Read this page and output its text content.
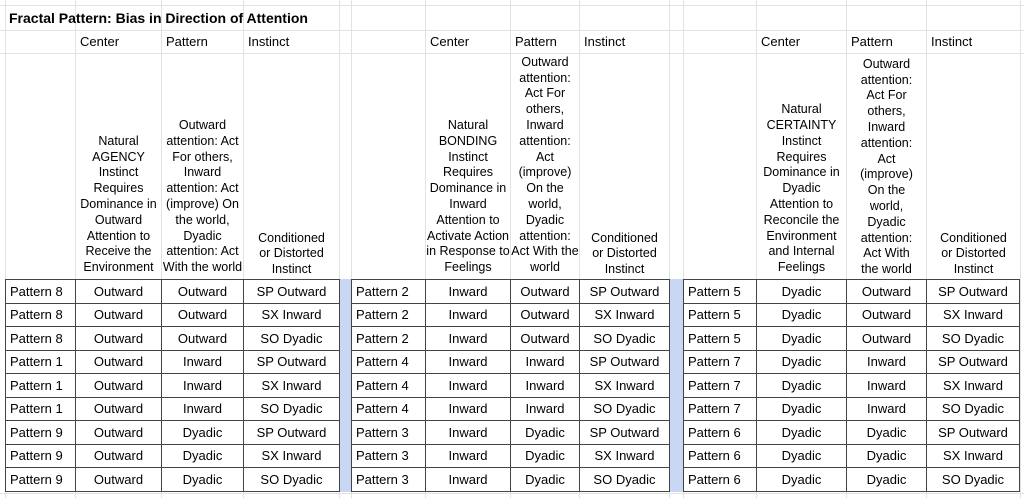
Fractal Pattern: Bias in Direction of Attention
Center	Pattern	Instinct
Natural AGENCY Instinct Requires Dominance in Outward Attention to Receive the Environment
Outward attention: Act For others, Inward attention: Act (improve) On the world, Dyadic attention: Act With the world
Conditioned or Distorted Instinct
Center	Pattern	Instinct
Natural BONDING Instinct Requires Dominance in Inward Attention to Activate Action in Response to Feelings
Outward attention: Act For others, Inward attention: Act (improve) On the world, Dyadic attention: Act With the world
Conditioned or Distorted Instinct
Center	Pattern	Instinct
Natural CERTAINTY Instinct Requires Dominance in Dyadic Attention to Reconcile the Environment and Internal Feelings
Outward attention: Act For others, Inward attention: Act (improve) On the world, Dyadic attention: Act With the world
Conditioned or Distorted Instinct
Pattern 8	Outward	Outward	SP Outward
Pattern 8	Outward	Outward	SX Inward
Pattern 8	Outward	Outward	SO Dyadic
Pattern 1	Outward	Inward	SP Outward
Pattern 1	Outward	Inward	SX Inward
Pattern 1	Outward	Inward	SO Dyadic
Pattern 9	Outward	Dyadic	SP Outward
Pattern 9	Outward	Dyadic	SX Inward
Pattern 9	Outward	Dyadic	SO Dyadic
Pattern 2	Inward	Outward	SP Outward
Pattern 2	Inward	Outward	SX Inward
Pattern 2	Inward	Outward	SO Dyadic
Pattern 4	Inward	Inward	SP Outward
Pattern 4	Inward	Inward	SX Inward
Pattern 4	Inward	Inward	SO Dyadic
Pattern 3	Inward	Dyadic	SP Outward
Pattern 3	Inward	Dyadic	SX Inward
Pattern 3	Inward	Dyadic	SO Dyadic
Pattern 5	Dyadic	Outward	SP Outward
Pattern 5	Dyadic	Outward	SX Inward
Pattern 5	Dyadic	Outward	SO Dyadic
Pattern 7	Dyadic	Inward	SP Outward
Pattern 7	Dyadic	Inward	SX Inward
Pattern 7	Dyadic	Inward	SO Dyadic
Pattern 6	Dyadic	Dyadic	SP Outward
Pattern 6	Dyadic	Dyadic	SX Inward
Pattern 6	Dyadic	Dyadic	SO Dyadic
